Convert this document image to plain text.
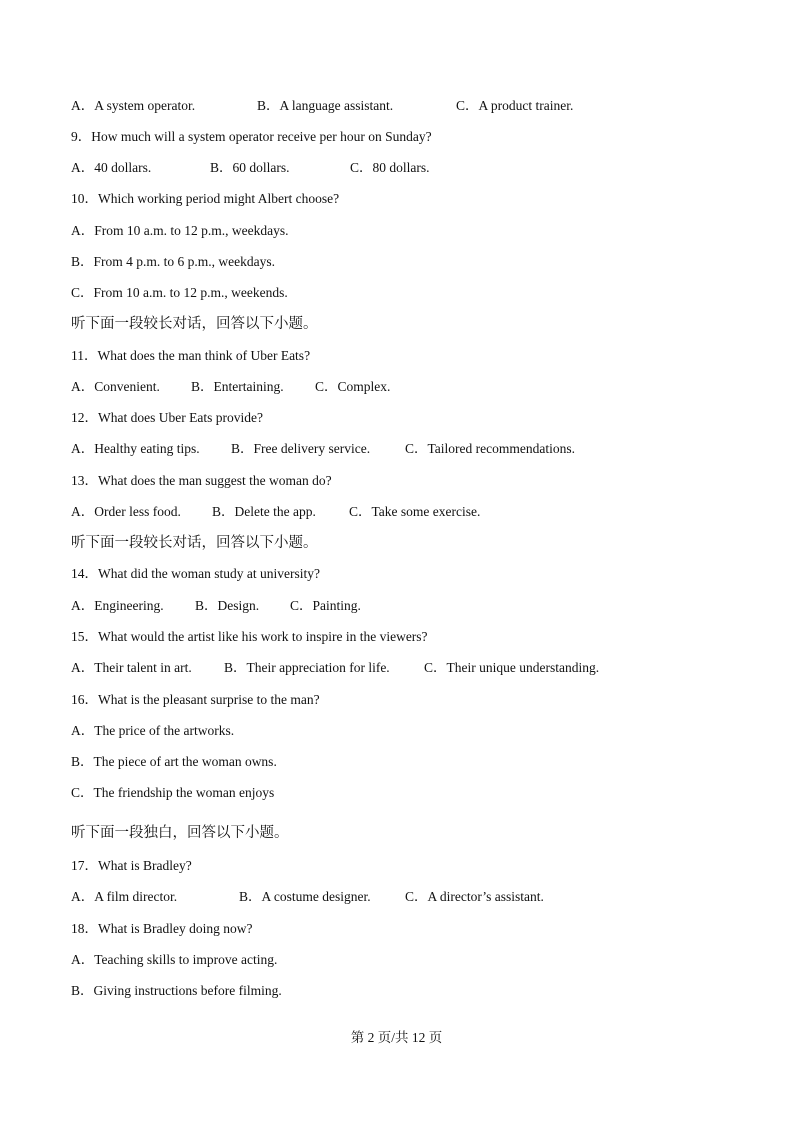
A．A system operator.	B．A language assistant.	C．A product trainer.
9．How much will a system operator receive per hour on Sunday?
A．40 dollars.	B．60 dollars.	C．80 dollars.
10．Which working period might Albert choose?
A．From 10 a.m. to 12 p.m., weekdays.
B．From 4 p.m. to 6 p.m., weekdays.
C．From 10 a.m. to 12 p.m., weekends.
听下面一段较长对话，回答以下小题。
11．What does the man think of Uber Eats?
A．Convenient. B．Entertaining. C．Complex.
12．What does Uber Eats provide?
A．Healthy eating tips. B．Free delivery service.	C．Tailored recommendations.
13．What does the man suggest the woman do?
A．Order less food. B．Delete the app. C．Take some exercise.
听下面一段较长对话，回答以下小题。
14．What did the woman study at university?
A．Engineering. B．Design. C．Painting.
15．What would the artist like his work to inspire in the viewers?
A．Their talent in art. B．Their appreciation for life.	C．Their unique understanding.
16．What is the pleasant surprise to the man?
A．The price of the artworks.
B．The piece of art the woman owns.
C．The friendship the woman enjoys
听下面一段独白，回答以下小题。
17．What is Bradley?
A．A film director.	B．A costume designer.	C．A director’s assistant.
18．What is Bradley doing now?
A．Teaching skills to improve acting.
B．Giving instructions before filming.
第 2 页/共 12 页
